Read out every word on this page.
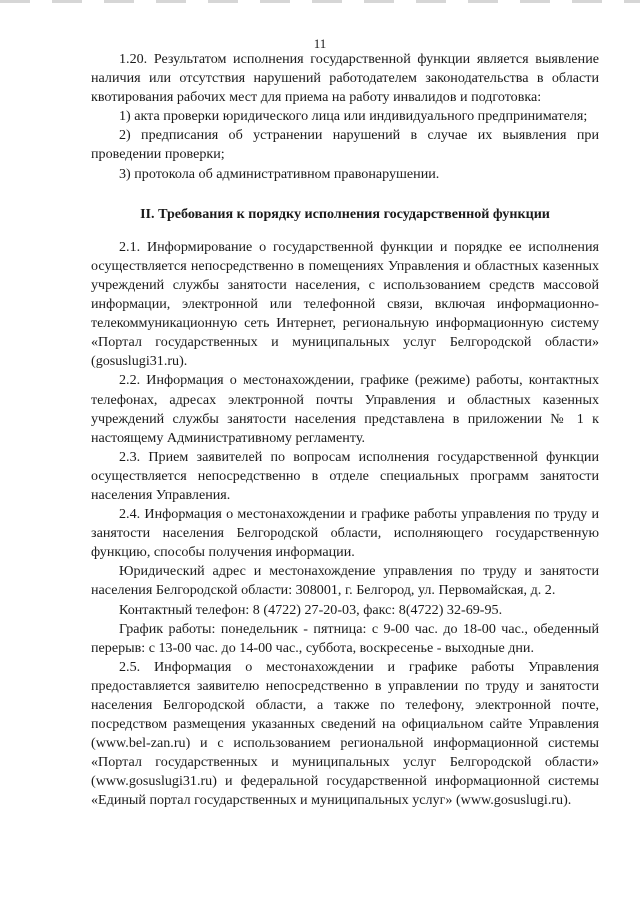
11

1.20. Результатом исполнения государственной функции является выявление наличия или отсутствия нарушений работодателем законодательства в области квотирования рабочих мест для приема на работу инвалидов и подготовка:

1) акта проверки юридического лица или индивидуального предпринимателя;

2) предписания об устранении нарушений в случае их выявления при проведении проверки;

3) протокола об административном правонарушении.

II. Требования к порядку исполнения государственной функции

2.1. Информирование о государственной функции и порядке ее исполнения осуществляется непосредственно в помещениях Управления и областных казенных учреждений службы занятости населения, с использованием средств массовой информации, электронной или телефонной связи, включая информационно-телекоммуникационную сеть Интернет, региональную информационную систему «Портал государственных и муниципальных услуг Белгородской области» (gosuslugi31.ru).

2.2. Информация о местонахождении, графике (режиме) работы, контактных телефонах, адресах электронной почты Управления и областных казенных учреждений службы занятости населения представлена в приложении № 1 к настоящему Административному регламенту.

2.3. Прием заявителей по вопросам исполнения государственной функции осуществляется непосредственно в отделе специальных программ занятости населения Управления.

2.4. Информация о местонахождении и графике работы управления по труду и занятости населения Белгородской области, исполняющего государственную функцию, способы получения информации.

Юридический адрес и местонахождение управления по труду и занятости населения Белгородской области: 308001, г. Белгород, ул. Первомайская, д. 2.

Контактный телефон: 8 (4722) 27-20-03, факс: 8(4722) 32-69-95.

График работы: понедельник - пятница: с 9-00 час. до 18-00 час., обеденный перерыв: с 13-00 час. до 14-00 час., суббота, воскресенье - выходные дни.

2.5. Информация о местонахождении и графике работы Управления предоставляется заявителю непосредственно в управлении по труду и занятости населения Белгородской области, а также по телефону, электронной почте, посредством размещения указанных сведений на официальном сайте Управления (www.bel-zan.ru) и с использованием региональной информационной системы «Портал государственных и муниципальных услуг Белгородской области» (www.gosuslugi31.ru) и федеральной государственной информационной системы «Единый портал государственных и муниципальных услуг» (www.gosuslugi.ru).
